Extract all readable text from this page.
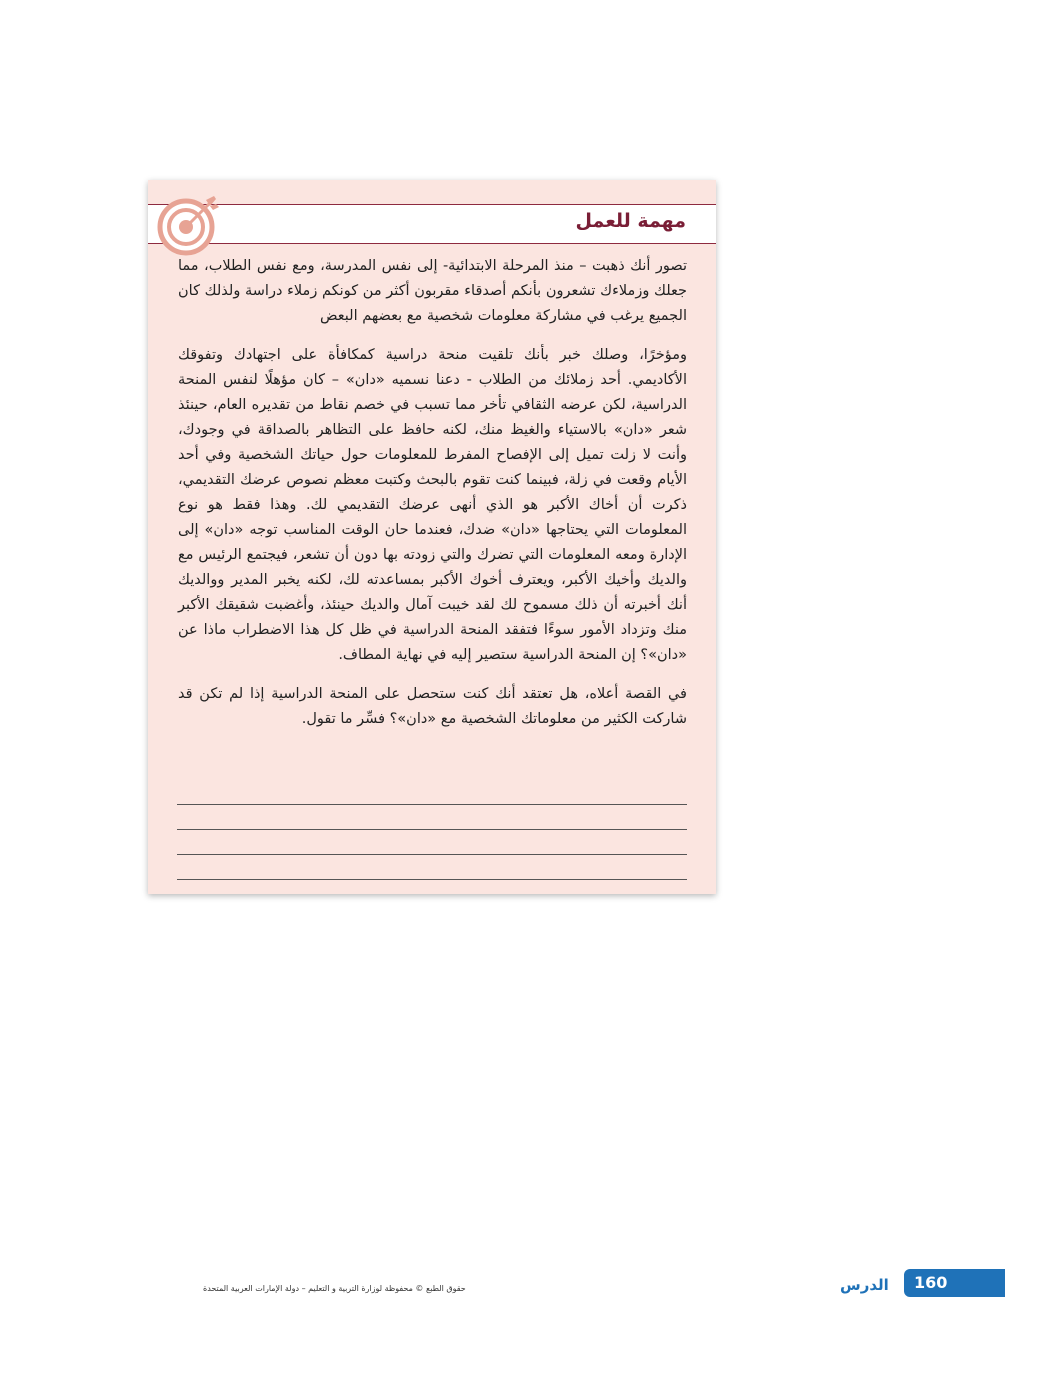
مهمة للعمل

تصور أنك ذهبت – منذ المرحلة الابتدائية- إلى نفس المدرسة، ومع نفس الطلاب، مما جعلك وزملاءك تشعرون بأنكم أصدقاء مقربون أكثر من كونكم زملاء دراسة ولذلك كان الجميع يرغب في مشاركة معلومات شخصية مع بعضهم البعض

ومؤخرًا، وصلك خبر بأنك تلقيت منحة دراسية كمكافأة على اجتهادك وتفوقك الأكاديمي. أحد زملائك من الطلاب - دعنا نسميه «دان» – كان مؤهلًا لنفس المنحة الدراسية، لكن عرضه الثقافي تأخر مما تسبب في خصم نقاط من تقديره العام، حينئذ شعر «دان» بالاستياء والغيظ منك، لكنه حافظ على التظاهر بالصداقة في وجودك، وأنت لا زلت تميل إلى الإفصاح المفرط للمعلومات حول حياتك الشخصية وفي أحد الأيام وقعت في زلة، فبينما كنت تقوم بالبحث وكتبت معظم نصوص عرضك التقديمي، ذكرت أن أخاك الأكبر هو الذي أنهى عرضك التقديمي لك. وهذا فقط هو نوع المعلومات التي يحتاجها «دان» ضدك، فعندما حان الوقت المناسب توجه «دان» إلى الإدارة ومعه المعلومات التي تضرك والتي زودته بها دون أن تشعر، فيجتمع الرئيس مع والديك وأخيك الأكبر، ويعترف أخوك الأكبر بمساعدته لك، لكنه يخبر المدير ووالديك أنك أخبرته أن ذلك مسموح لك لقد خيبت آمال والديك حينئذ، وأغضبت شقيقك الأكبر منك وتزداد الأمور سوءًا فتفقد المنحة الدراسية في ظل كل هذا الاضطراب ماذا عن «دان»؟ إن المنحة الدراسية ستصير إليه في نهاية المطاف.

في القصة أعلاه، هل تعتقد أنك كنت ستحصل على المنحة الدراسية إذا لم تكن قد شاركت الكثير من معلوماتك الشخصية مع «دان»؟ فسِّر ما تقول.

حقوق الطبع © محفوظة لوزارة التربية و التعليم – دولة الإمارات العربية المتحدة	الدرس 160
